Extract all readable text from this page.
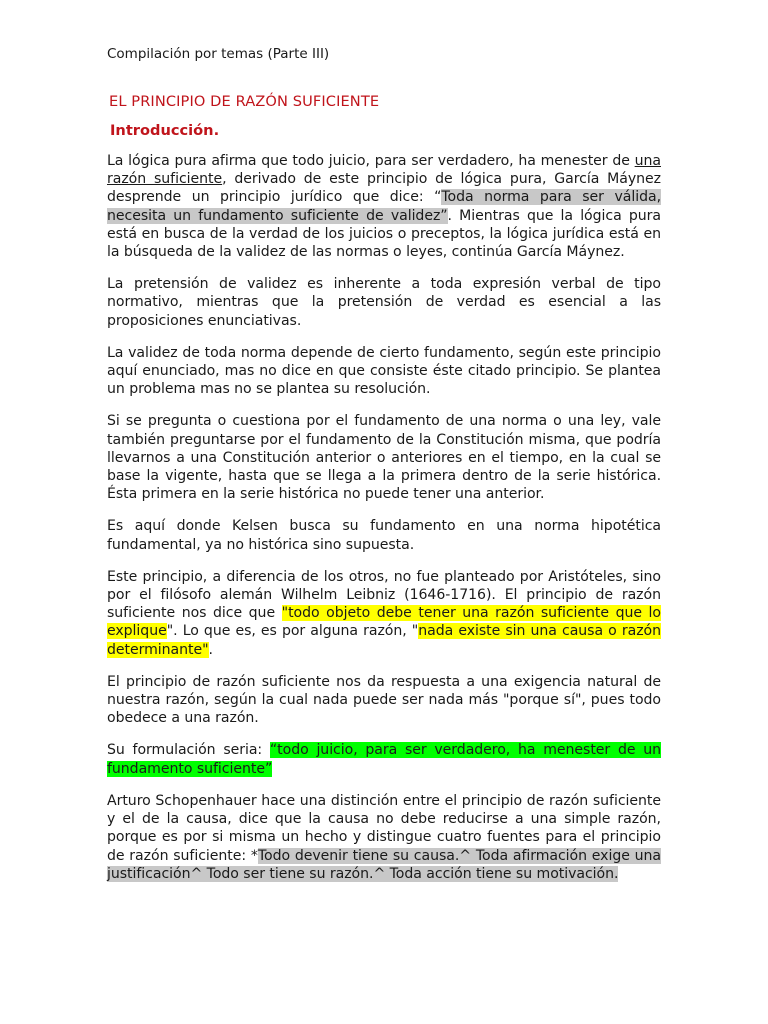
Compilación por temas (Parte III)
EL PRINCIPIO DE RAZÓN SUFICIENTE
Introducción.

La lógica pura afirma que todo juicio, para ser verdadero, ha menester de una razón suficiente, derivado de este principio de lógica pura, García Máynez desprende un principio jurídico que dice: “Toda norma para ser válida, necesita un fundamento suficiente de validez”. Mientras que la lógica pura está en busca de la verdad de los juicios o preceptos, la lógica jurídica está en la búsqueda de la validez de las normas o leyes, continúa García Máynez.

La pretensión de validez es inherente a toda expresión verbal de tipo normativo, mientras que la pretensión de verdad es esencial a las proposiciones enunciativas.

La validez de toda norma depende de cierto fundamento, según este principio aquí enunciado, mas no dice en que consiste éste citado principio. Se plantea un problema mas no se plantea su resolución.

Si se pregunta o cuestiona por el fundamento de una norma o una ley, vale también preguntarse por el fundamento de la Constitución misma, que podría llevarnos a una Constitución anterior o anteriores en el tiempo, en la cual se base la vigente, hasta que se llega a la primera dentro de la serie histórica. Ésta primera en la serie histórica no puede tener una anterior.

Es aquí donde Kelsen busca su fundamento en una norma hipotética fundamental, ya no histórica sino supuesta.

Este principio, a diferencia de los otros, no fue planteado por Aristóteles, sino por el filósofo alemán Wilhelm Leibniz (1646-1716). El principio de razón suficiente nos dice que "todo objeto debe tener una razón suficiente que lo explique". Lo que es, es por alguna razón, "nada existe sin una causa o razón determinante".

El principio de razón suficiente nos da respuesta a una exigencia natural de nuestra razón, según la cual nada puede ser nada más "porque sí", pues todo obedece a una razón.

Su formulación seria: “todo juicio, para ser verdadero, ha menester de un fundamento suficiente”

Arturo Schopenhauer hace una distinción entre el principio de razón suficiente y el de la causa, dice que la causa no debe reducirse a una simple razón, porque es por si misma un hecho y distingue cuatro fuentes para el principio de razón suficiente: *Todo devenir tiene su causa.^ Toda afirmación exige una justificación^ Todo ser tiene su razón.^ Toda acción tiene su motivación.
